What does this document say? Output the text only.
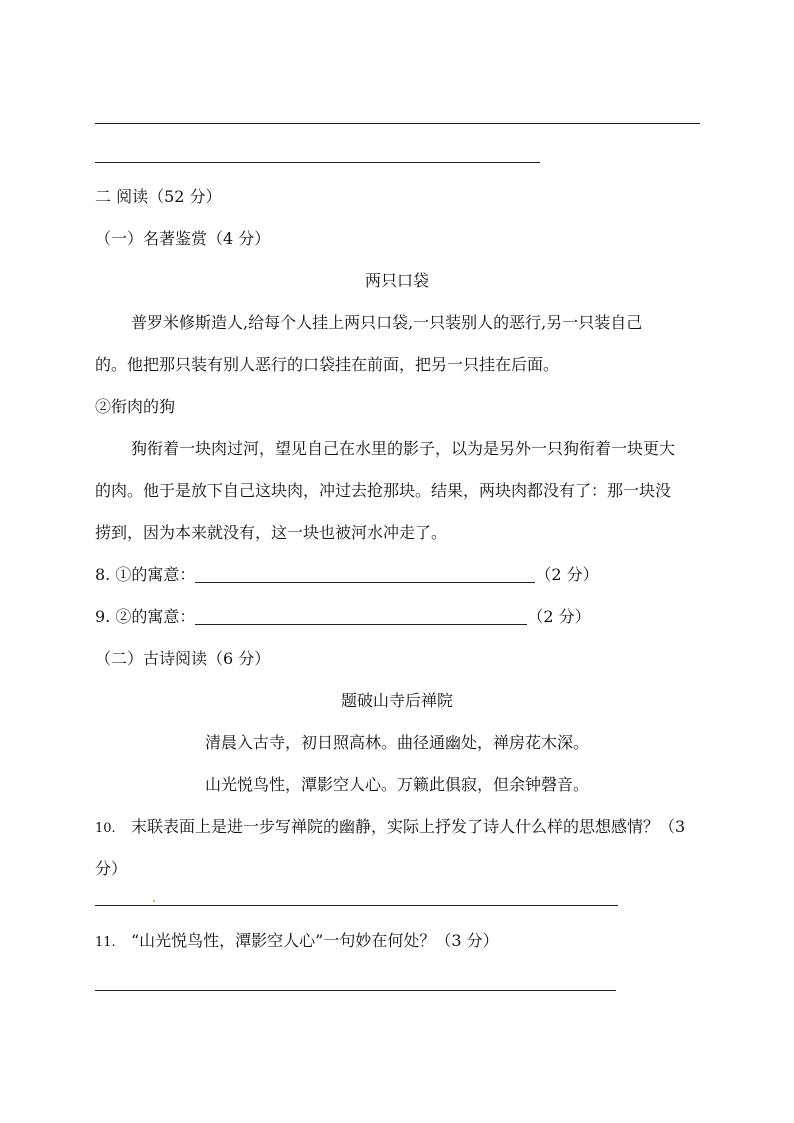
二 阅读（52 分）
（一）名著鉴赏（4 分）
两只口袋
普罗米修斯造人,给每个人挂上两只口袋,一只装别人的恶行,另一只装自己
的。他把那只装有别人恶行的口袋挂在前面，把另一只挂在后面。
②衔肉的狗
狗衔着一块肉过河，望见自己在水里的影子，以为是另外一只狗衔着一块更大
的肉。他于是放下自己这块肉，冲过去抢那块。结果，两块肉都没有了：那一块没
捞到，因为本来就没有，这一块也被河水冲走了。
8. ①的寓意：	（2 分）
9. ②的寓意：	（2 分）
（二）古诗阅读（6 分）
题破山寺后禅院
清晨入古寺，初日照高林。曲径通幽处，禅房花木深。
山光悦鸟性，潭影空人心。万籁此俱寂，但余钟磬音。
10. 末联表面上是进一步写禅院的幽静，实际上抒发了诗人什么样的思想感情？（3
分）
11. “山光悦鸟性，潭影空人心”一句妙在何处？（3 分）
